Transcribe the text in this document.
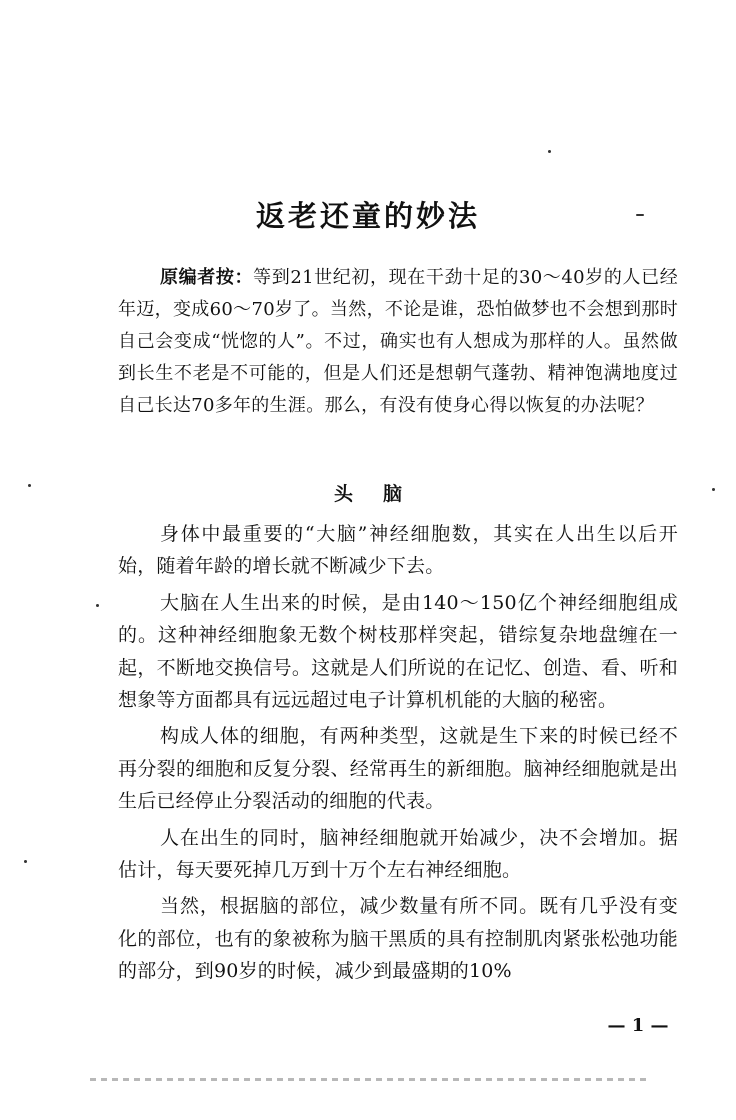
返老还童的妙法
原编者按：等到21世纪初，现在干劲十足的30～40岁的人已经年迈，变成60～70岁了。当然，不论是谁，恐怕做梦也不会想到那时自己会变成“恍惚的人”。不过，确实也有人想成为那样的人。虽然做到长生不老是不可能的，但是人们还是想朝气蓬勃、精神饱满地度过自己长达70多年的生涯。那么，有没有使身心得以恢复的办法呢？
头脑

身体中最重要的“大脑”神经细胞数，其实在人出生以后开始，随着年龄的增长就不断减少下去。

大脑在人生出来的时候，是由140～150亿个神经细胞组成的。这种神经细胞象无数个树枝那样突起，错综复杂地盘缠在一起，不断地交换信号。这就是人们所说的在记忆、创造、看、听和想象等方面都具有远远超过电子计算机机能的大脑的秘密。

构成人体的细胞，有两种类型，这就是生下来的时候已经不再分裂的细胞和反复分裂、经常再生的新细胞。脑神经细胞就是出生后已经停止分裂活动的细胞的代表。

人在出生的同时，脑神经细胞就开始减少，决不会增加。据估计，每天要死掉几万到十万个左右神经细胞。

当然，根据脑的部位，减少数量有所不同。既有几乎没有变化的部位，也有的象被称为脑干黑质的具有控制肌肉紧张松弛功能的部分，到90岁的时候，减少到最盛期的10%

— 1 —
